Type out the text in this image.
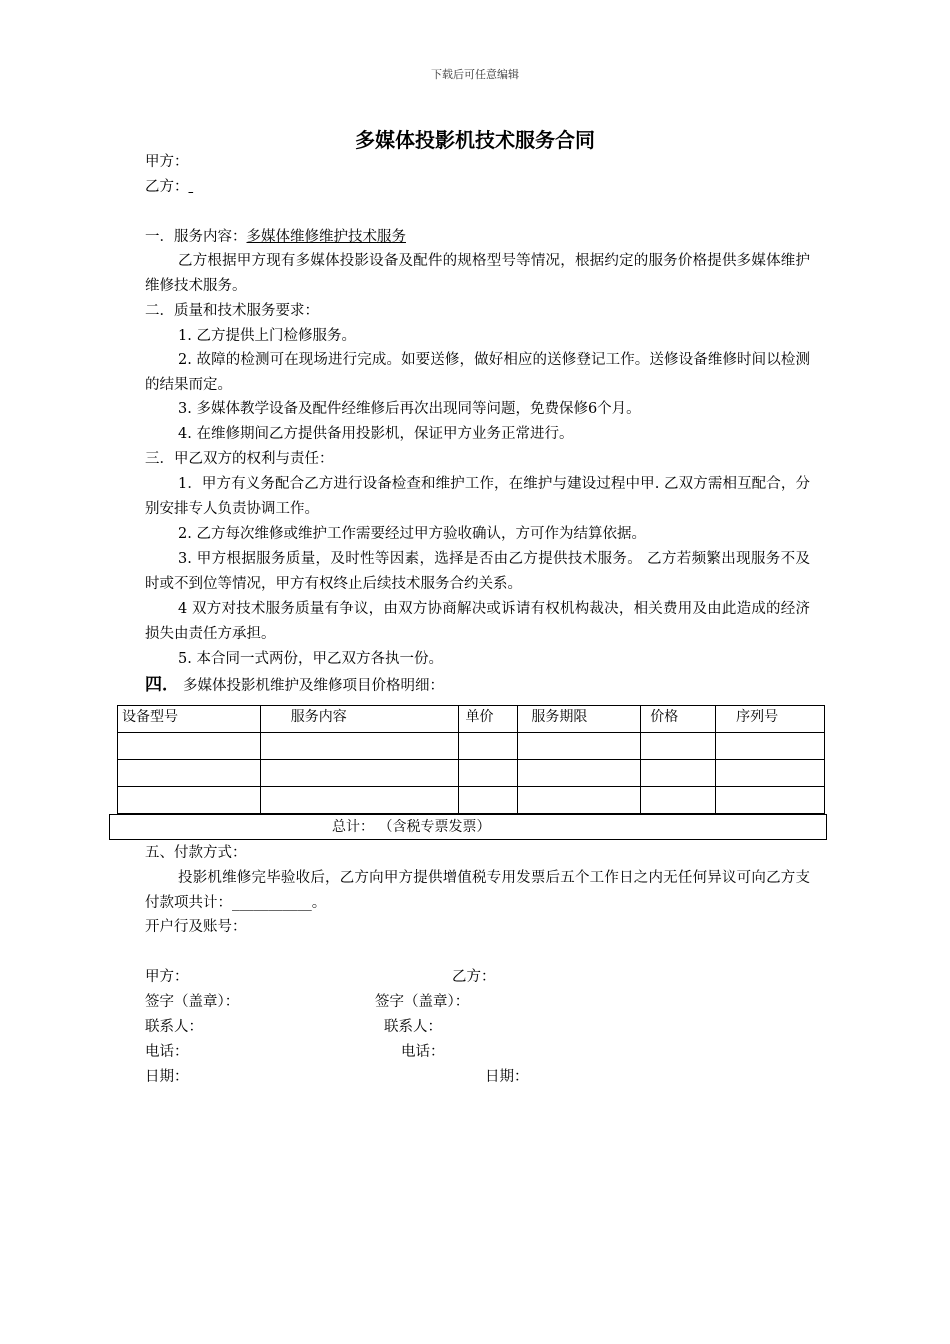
下载后可任意编辑
多媒体投影机技术服务合同
甲方：
乙方：
一．服务内容：多媒体维修维护技术服务
乙方根据甲方现有多媒体投影设备及配件的规格型号等情况，根据约定的服务价格提供多媒体维护维修技术服务。
二．质量和技术服务要求：
1. 乙方提供上门检修服务。
2. 故障的检测可在现场进行完成。如要送修，做好相应的送修登记工作。送修设备维修时间以检测的结果而定。
3. 多媒体教学设备及配件经维修后再次出现同等问题，免费保修6个月。
4. 在维修期间乙方提供备用投影机，保证甲方业务正常进行。
三．甲乙双方的权利与责任：
1．甲方有义务配合乙方进行设备检查和维护工作，在维护与建设过程中甲. 乙双方需相互配合，分别安排专人负责协调工作。
2. 乙方每次维修或维护工作需要经过甲方验收确认，方可作为结算依据。
3. 甲方根据服务质量，及时性等因素，选择是否由乙方提供技术服务。 乙方若频繁出现服务不及时或不到位等情况，甲方有权终止后续技术服务合约关系。
4 双方对技术服务质量有争议，由双方协商解决或诉请有权机构裁决，相关费用及由此造成的经济损失由责任方承担。
5. 本合同一式两份，甲乙双方各执一份。
四． 多媒体投影机维护及维修项目价格明细：
设备型号	服务内容	单价	服务期限	价格	序列号

总计： （含税专票发票）
五、付款方式：
投影机维修完毕验收后，乙方向甲方提供增值税专用发票后五个工作日之内无任何异议可向乙方支付款项共计：___________。
开户行及账号：
甲方：	乙方：
签字（盖章）：	签字（盖章）：
联系人：	联系人：
电话：	电话：
日期：	日期：
